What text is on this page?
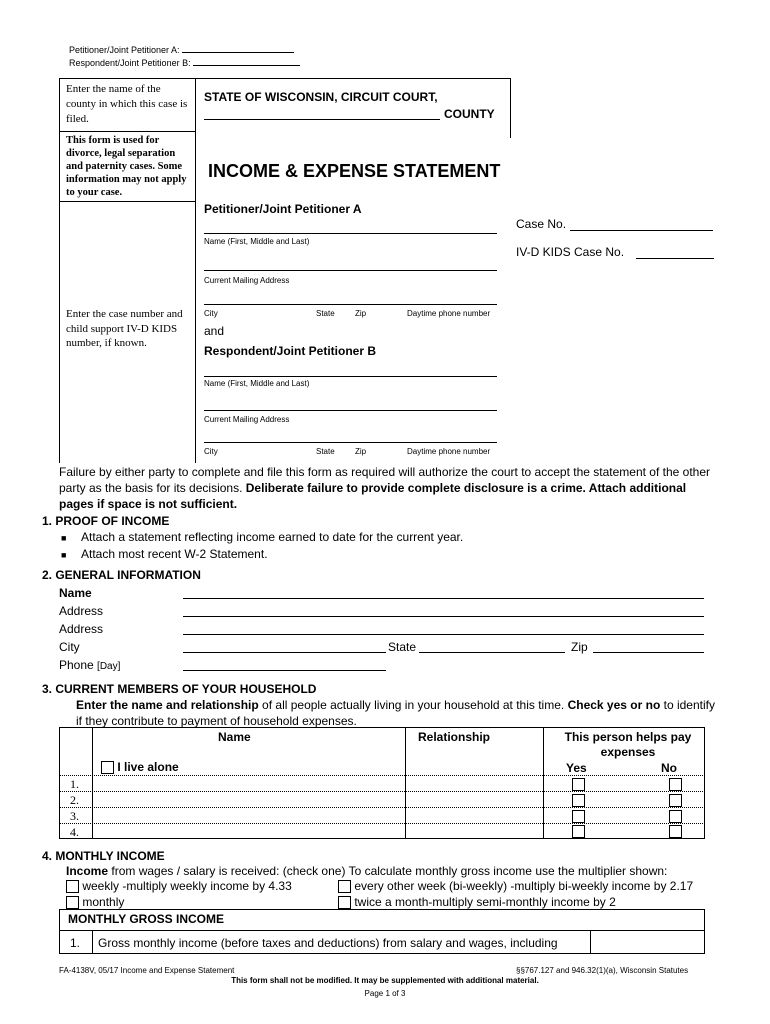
Petitioner/Joint Petitioner A:
Respondent/Joint Petitioner B:
Enter the name of the county in which this case is filed.
This form is used for divorce, legal separation and paternity cases. Some information may not apply to your case.
Enter the case number and child support IV-D KIDS number, if known.
STATE OF WISCONSIN, CIRCUIT COURT,
COUNTY
INCOME & EXPENSE STATEMENT
Petitioner/Joint Petitioner A
Name (First, Middle and Last)
Current Mailing Address
City	State	Zip	Daytime phone number
Case No.
IV-D KIDS Case No.
and
Respondent/Joint Petitioner B
Name (First, Middle and Last)
Current Mailing Address
City	State	Zip	Daytime phone number
Failure by either party to complete and file this form as required will authorize the court to accept the statement of the other party as the basis for its decisions. Deliberate failure to provide complete disclosure is a crime. Attach additional pages if space is not sufficient.
1. PROOF OF INCOME
■ Attach a statement reflecting income earned to date for the current year.
■ Attach most recent W-2 Statement.
2. GENERAL INFORMATION
Name
Address
Address
City	State	Zip
Phone [Day]
3. CURRENT MEMBERS OF YOUR HOUSEHOLD
Enter the name and relationship of all people actually living in your household at this time. Check yes or no to identify if they contribute to payment of household expenses.
Name	Relationship	This person helps pay expenses
Yes	No
I live alone
1.
2.
3.
4.
4. MONTHLY INCOME
Income from wages / salary is received: (check one) To calculate monthly gross income use the multiplier shown:
weekly -multiply weekly income by 4.33	every other week (bi-weekly) -multiply bi-weekly income by 2.17
monthly	twice a month-multiply semi-monthly income by 2
MONTHLY GROSS INCOME
1. Gross monthly income (before taxes and deductions) from salary and wages, including
FA-4138V, 05/17 Income and Expense Statement	§§767.127 and 946.32(1)(a), Wisconsin Statutes
This form shall not be modified. It may be supplemented with additional material.
Page 1 of 3
